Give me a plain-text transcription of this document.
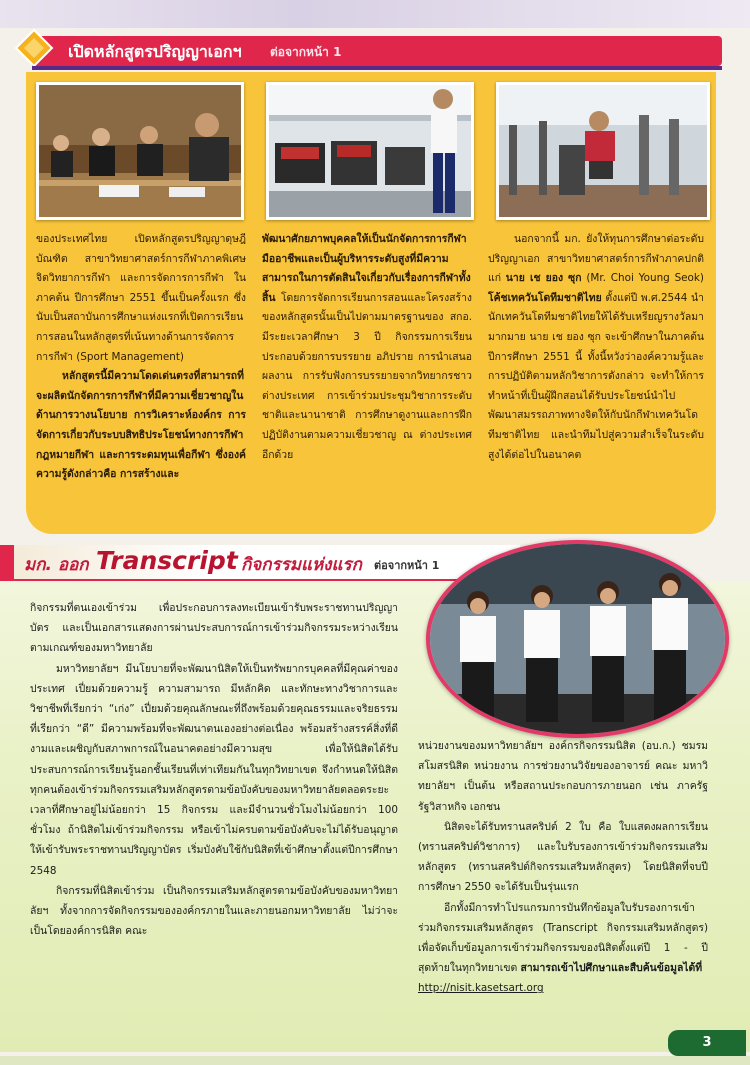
เปิดหลักสูตรปริญญาเอกฯ ต่อจากหน้า 1

ของประเทศไทย เปิดหลักสูตรปริญญาดุษฎีบัณฑิต สาขาวิทยาศาสตร์การกีฬาภาคพิเศษ จิตวิทยาการกีฬา และการจัดการการกีฬา ในภาคต้น ปีการศึกษา 2551 ขึ้นเป็นครั้งแรก ซึ่งนับเป็นสถาบันการศึกษาแห่งแรกที่เปิดการเรียนการสอนในหลักสูตรที่เน้นทางด้านการจัดการการกีฬา (Sport Management)

หลักสูตรนี้มีความโดดเด่นตรงที่สามารถที่จะผลิตนักจัดการการกีฬาที่มีความเชี่ยวชาญในด้านการวางนโยบาย การวิเคราะห์องค์กร การจัดการเกี่ยวกับระบบสิทธิประโยชน์ทางการกีฬา กฎหมายกีฬา และการระดมทุนเพื่อกีฬา ซึ่งองค์ความรู้ดังกล่าวคือ การสร้างและ

พัฒนาศักยภาพบุคคลให้เป็นนักจัดการการกีฬามืออาชีพและเป็นผู้บริหารระดับสูงที่มีความสามารถในการตัดสินใจเกี่ยวกับเรื่องการกีฬาทั้งสิ้น โดยการจัดการเรียนการสอนและโครงสร้างของหลักสูตรนั้นเป็นไปตามมาตรฐานของ สกอ. มีระยะเวลาศึกษา 3 ปี กิจกรรมการเรียนประกอบด้วยการบรรยาย อภิปราย การนำเสนอผลงาน การรับฟังการบรรยายจากวิทยากรชาวต่างประเทศ การเข้าร่วมประชุมวิชาการระดับชาติและนานาชาติ การศึกษาดูงานและการฝึกปฏิบัติงานตามความเชี่ยวชาญ ณ ต่างประเทศอีกด้วย

นอกจากนี้ มก. ยังให้ทุนการศึกษาต่อระดับปริญญาเอก สาขาวิทยาศาสตร์การกีฬาภาคปกติ แก่ นาย เช ยอง ซุก (Mr. Choi Young Seok) โค้ชเทควันโดทีมชาติไทย ตั้งแต่ปี พ.ศ.2544 นำนักเทควันโดทีมชาติไทยให้ได้รับเหรียญรางวัลมามากมาย นาย เช ยอง ซุก จะเข้าศึกษาในภาคต้น ปีการศึกษา 2551 นี้ ทั้งนี้หวังว่าองค์ความรู้และการปฏิบัติตามหลักวิชาการดังกล่าว จะทำให้การทำหน้าที่เป็นผู้ฝึกสอนได้รับประโยชน์นำไปพัฒนาสมรรถภาพทางจิตให้กับนักกีฬาเทควันโดทีมชาติไทย และนำทีมไปสู่ความสำเร็จในระดับสูงได้ต่อไปในอนาคต

มก. ออก Transcript กิจกรรมแห่งแรก ต่อจากหน้า 1

กิจกรรมที่ตนเองเข้าร่วม เพื่อประกอบการลงทะเบียนเข้ารับพระราชทานปริญญาบัตร และเป็นเอกสารแสดงการผ่านประสบการณ์การเข้าร่วมกิจกรรมระหว่างเรียนตามเกณฑ์ของมหาวิทยาลัย

มหาวิทยาลัยฯ มีนโยบายที่จะพัฒนานิสิตให้เป็นทรัพยากรบุคคลที่มีคุณค่าของประเทศ เปี่ยมด้วยความรู้ ความสามารถ มีหลักคิด และทักษะทางวิชาการและวิชาชีพที่เรียกว่า “เก่ง” เปี่ยมด้วยคุณลักษณะที่ถึงพร้อมด้วยคุณธรรมและจริยธรรมที่เรียกว่า “ดี” มีความพร้อมที่จะพัฒนาตนเองอย่างต่อเนื่อง พร้อมสร้างสรรค์สิ่งที่ดีงามและเผชิญกับสภาพการณ์ในอนาคตอย่างมีความสุข เพื่อให้นิสิตได้รับประสบการณ์การเรียนรู้นอกชั้นเรียนที่เท่าเทียมกันในทุกวิทยาเขต จึงกำหนดให้นิสิตทุกคนต้องเข้าร่วมกิจกรรมเสริมหลักสูตรตามข้อบังคับของมหาวิทยาลัยตลอดระยะเวลาที่ศึกษาอยู่ไม่น้อยกว่า 15 กิจกรรม และมีจำนวนชั่วโมงไม่น้อยกว่า 100 ชั่วโมง ถ้านิสิตไม่เข้าร่วมกิจกรรม หรือเข้าไม่ครบตามข้อบังคับจะไม่ได้รับอนุญาตให้เข้ารับพระราชทานปริญญาบัตร เริ่มบังคับใช้กับนิสิตที่เข้าศึกษาตั้งแต่ปีการศึกษา 2548

กิจกรรมที่นิสิตเข้าร่วม เป็นกิจกรรมเสริมหลักสูตรตามข้อบังคับของมหาวิทยาลัยฯ ทั้งจากการจัดกิจกรรมขององค์กรภายในและภายนอกมหาวิทยาลัย ไม่ว่าจะเป็นโดยองค์การนิสิต คณะ

หน่วยงานของมหาวิทยาลัยฯ องค์กรกิจกรรมนิสิต (อบ.ก.) ชมรม สโมสรนิสิต หน่วยงาน การช่วยงานวิจัยของอาจารย์ คณะ มหาวิทยาลัยฯ เป็นต้น หรือสถานประกอบการภายนอก เช่น ภาครัฐ รัฐวิสาหกิจ เอกชน

นิสิตจะได้รับทรานสคริปต์ 2 ใบ คือ ใบแสดงผลการเรียน (ทรานสคริปต์วิชาการ) และใบรับรองการเข้าร่วมกิจกรรมเสริมหลักสูตร (ทรานสคริปต์กิจกรรมเสริมหลักสูตร) โดยนิสิตที่จบปีการศึกษา 2550 จะได้รับเป็นรุ่นแรก

อีกทั้งมีการทำโปรแกรมการบันทึกข้อมูลใบรับรองการเข้าร่วมกิจกรรมเสริมหลักสูตร (Transcript กิจกรรมเสริมหลักสูตร) เพื่อจัดเก็บข้อมูลการเข้าร่วมกิจกรรมของนิสิตตั้งแต่ปี 1 - ปีสุดท้ายในทุกวิทยาเขต สามารถเข้าไปศึกษาและสืบค้นข้อมูลได้ที่

http://nisit.kasetsart.org

3
